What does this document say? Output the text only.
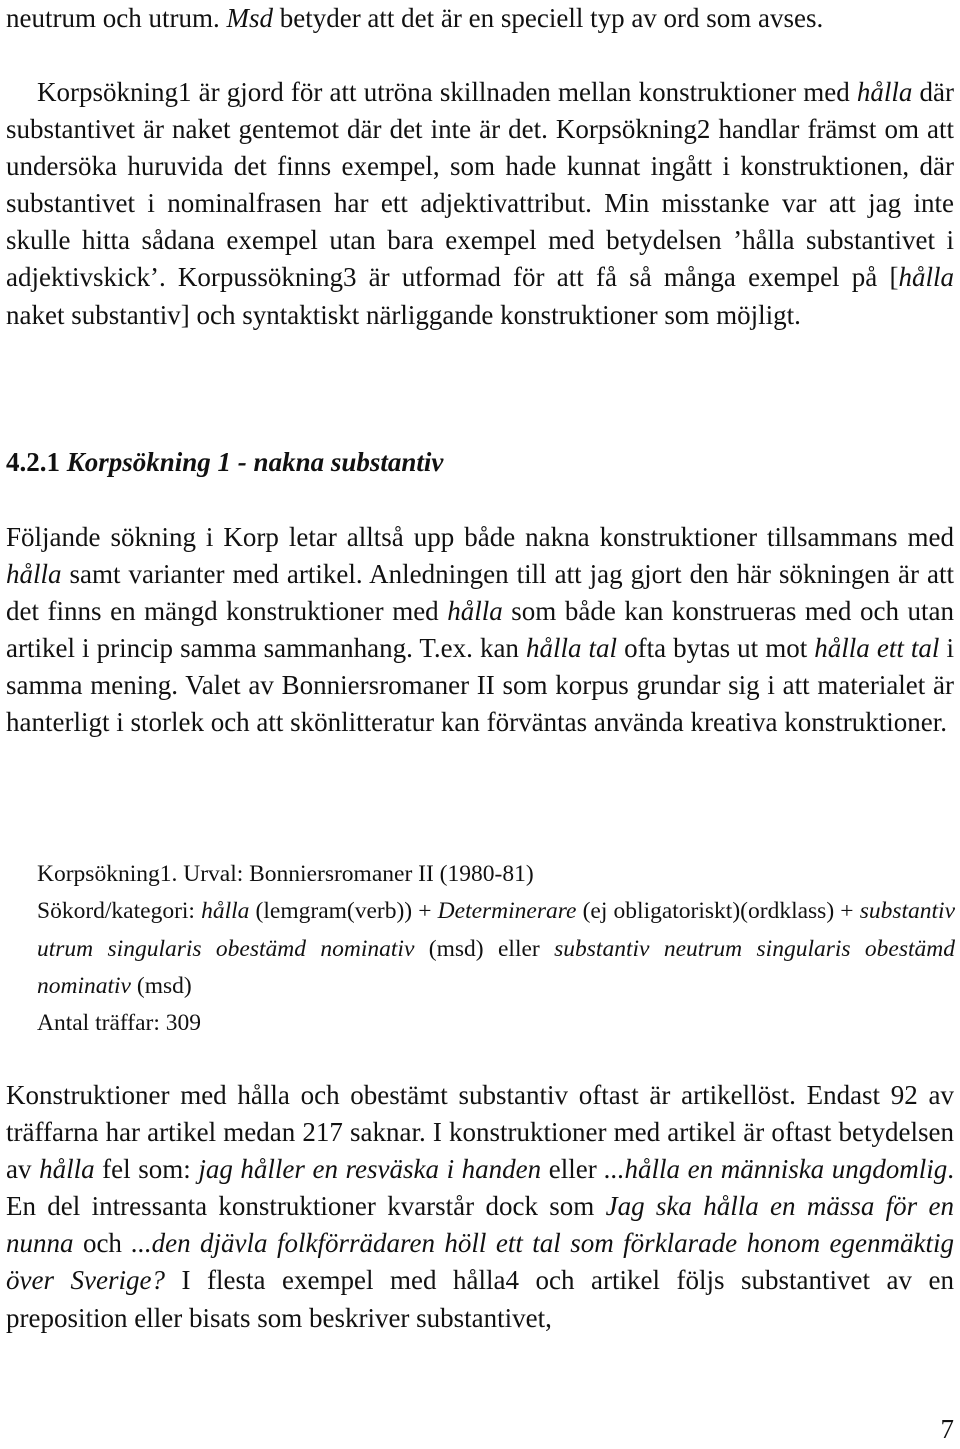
neutrum och utrum. Msd betyder att det är en speciell typ av ord som avses.

Korpsökning1 är gjord för att utröna skillnaden mellan konstruktioner med hålla där substantivet är naket gentemot där det inte är det. Korpsökning2 handlar främst om att undersöka huruvida det finns exempel, som hade kunnat ingått i konstruktionen, där substantivet i nominalfrasen har ett adjektivattribut. Min misstanke var att jag inte skulle hitta sådana exempel utan bara exempel med betydelsen ’hålla substantivet i adjektivskick’. Korpussökning3 är utformad för att få så många exempel på [hålla naket substantiv] och syntaktiskt närliggande konstruktioner som möjligt.

4.2.1 Korpsökning 1 - nakna substantiv

Följande sökning i Korp letar alltså upp både nakna konstruktioner tillsammans med hålla samt varianter med artikel. Anledningen till att jag gjort den här sökningen är att det finns en mängd konstruktioner med hålla som både kan konstrueras med och utan artikel i princip samma sammanhang. T.ex. kan hålla tal ofta bytas ut mot hålla ett tal i samma mening. Valet av Bonniersromaner II som korpus grundar sig i att materialet är hanterligt i storlek och att skönlitteratur kan förväntas använda kreativa konstruktioner.

Korpsökning1. Urval: Bonniersromaner II (1980-81)
Sökord/kategori: hålla (lemgram(verb)) + Determinerare (ej obligatoriskt)(ordklass) + substantiv utrum singularis obestämd nominativ (msd) eller substantiv neutrum singularis obestämd nominativ (msd)
Antal träffar: 309

Konstruktioner med hålla och obestämt substantiv oftast är artikellöst. Endast 92 av träffarna har artikel medan 217 saknar. I konstruktioner med artikel är oftast betydelsen av hålla fel som: jag håller en resväska i handen eller ...hålla en människa ungdomlig. En del intressanta konstruktioner kvarstår dock som Jag ska hålla en mässa för en nunna och ...den djävla folkförrädaren höll ett tal som förklarade honom egenmäktig över Sverige? I flesta exempel med hålla4 och artikel följs substantivet av en preposition eller bisats som beskriver substantivet,

7
